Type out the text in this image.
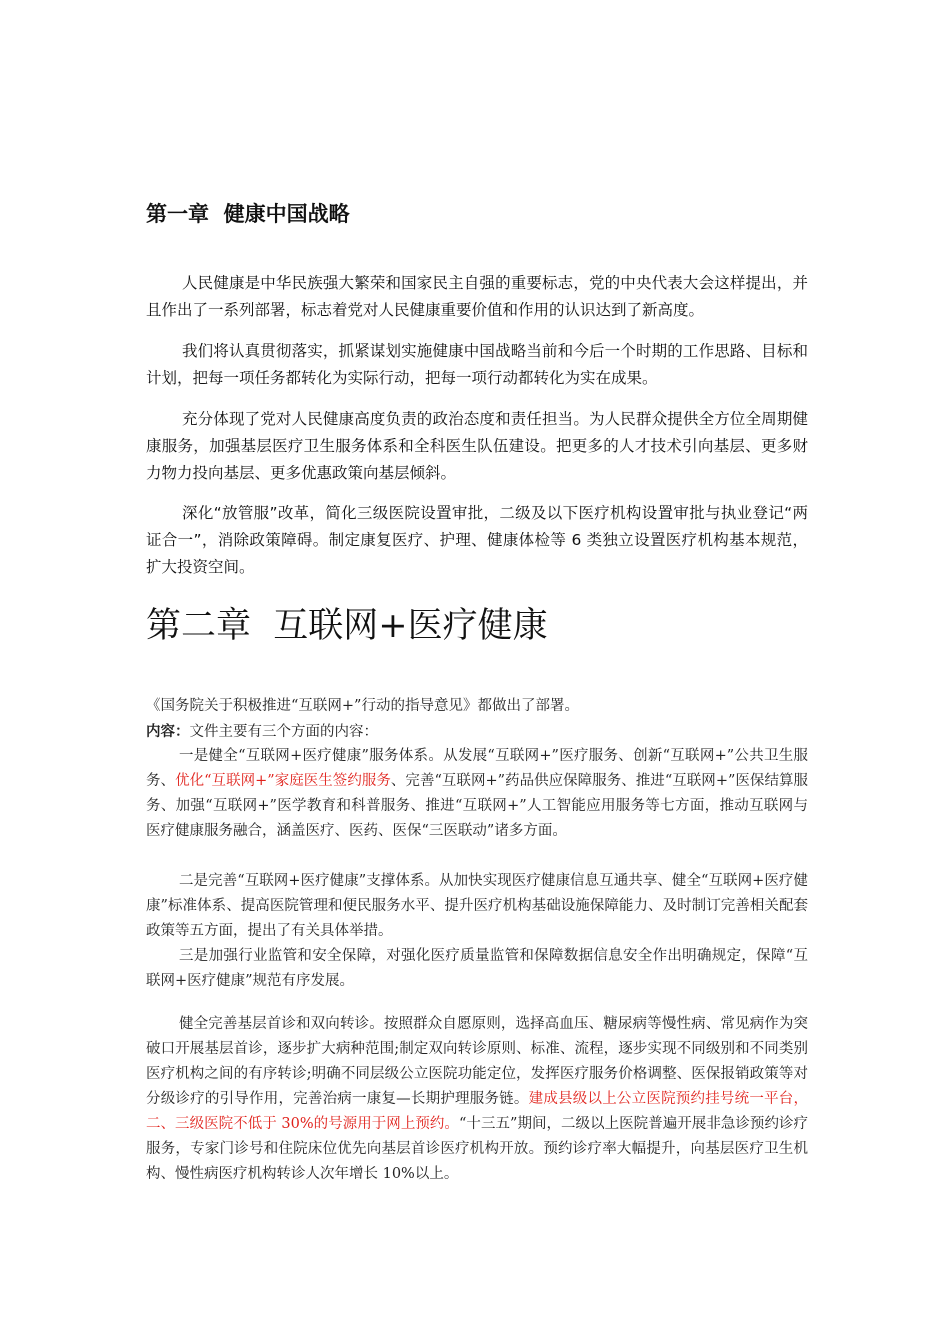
第一章  健康中国战略

人民健康是中华民族强大繁荣和国家民主自强的重要标志，党的中央代表大会这样提出，并且作出了一系列部署，标志着党对人民健康重要价值和作用的认识达到了新高度。

我们将认真贯彻落实，抓紧谋划实施健康中国战略当前和今后一个时期的工作思路、目标和计划，把每一项任务都转化为实际行动，把每一项行动都转化为实在成果。

充分体现了党对人民健康高度负责的政治态度和责任担当。为人民群众提供全方位全周期健康服务，加强基层医疗卫生服务体系和全科医生队伍建设。把更多的人才技术引向基层、更多财力物力投向基层、更多优惠政策向基层倾斜。

深化“放管服”改革，简化三级医院设置审批，二级及以下医疗机构设置审批与执业登记“两证合一”，消除政策障碍。制定康复医疗、护理、健康体检等 6 类独立设置医疗机构基本规范，扩大投资空间。

第二章  互联网+医疗健康

《国务院关于积极推进“互联网+”行动的指导意见》都做出了部署。

内容：文件主要有三个方面的内容：

一是健全“互联网+医疗健康”服务体系。从发展“互联网+”医疗服务、创新“互联网+”公共卫生服务、优化“互联网+”家庭医生签约服务、完善“互联网+”药品供应保障服务、推进“互联网+”医保结算服务、加强“互联网+”医学教育和科普服务、推进“互联网+”人工智能应用服务等七方面，推动互联网与医疗健康服务融合，涵盖医疗、医药、医保“三医联动”诸多方面。

二是完善“互联网+医疗健康”支撑体系。从加快实现医疗健康信息互通共享、健全“互联网+医疗健康”标准体系、提高医院管理和便民服务水平、提升医疗机构基础设施保障能力、及时制订完善相关配套政策等五方面，提出了有关具体举措。

三是加强行业监管和安全保障，对强化医疗质量监管和保障数据信息安全作出明确规定，保障“互联网+医疗健康”规范有序发展。

健全完善基层首诊和双向转诊。按照群众自愿原则，选择高血压、糖尿病等慢性病、常见病作为突破口开展基层首诊，逐步扩大病种范围;制定双向转诊原则、标准、流程，逐步实现不同级别和不同类别医疗机构之间的有序转诊;明确不同层级公立医院功能定位，发挥医疗服务价格调整、医保报销政策等对分级诊疗的引导作用，完善治病一康复—长期护理服务链。建成县级以上公立医院预约挂号统一平台，二、三级医院不低于 30%的号源用于网上预约。“十三五”期间，二级以上医院普遍开展非急诊预约诊疗服务，专家门诊号和住院床位优先向基层首诊医疗机构开放。预约诊疗率大幅提升，向基层医疗卫生机构、慢性病医疗机构转诊人次年增长 10%以上。
